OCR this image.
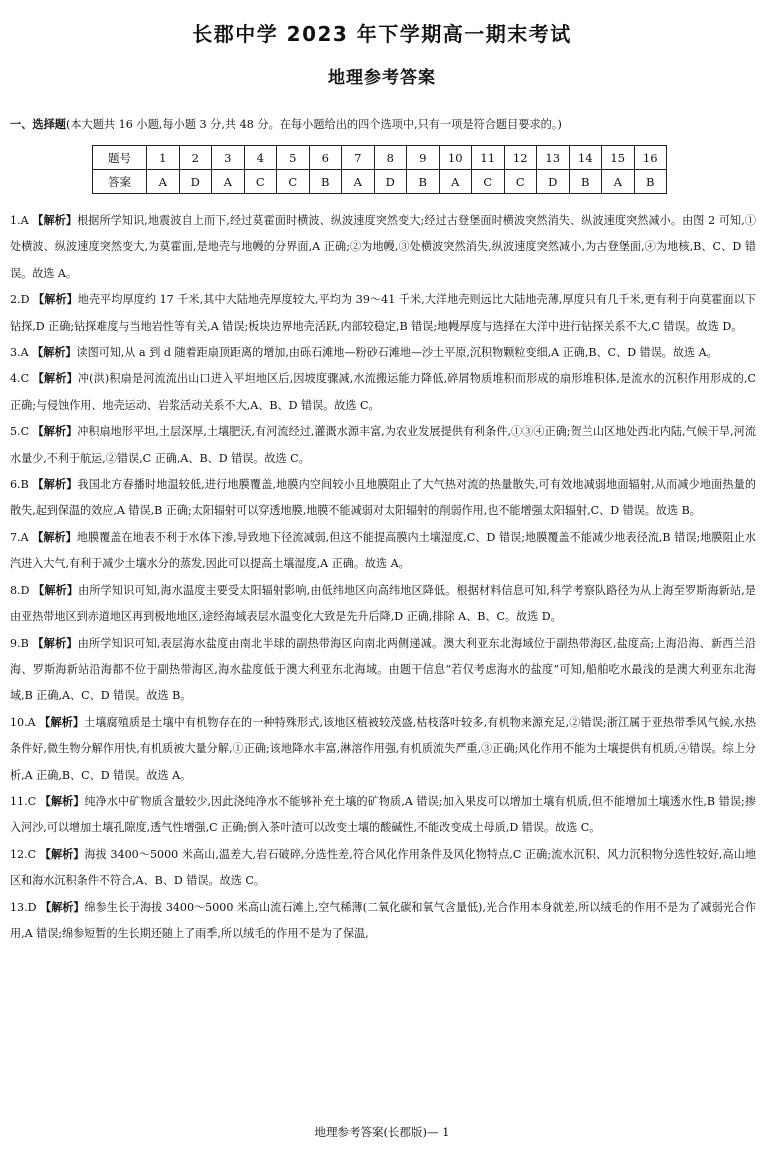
长郡中学 2023 年下学期高一期末考试
地理参考答案
一、选择题(本大题共 16 小题,每小题 3 分,共 48 分。在每小题给出的四个选项中,只有一项是符合题目要求的。)
题号	1	2	3	4	5	6	7	8	9	10	11	12	13	14	15	16
答案	A	D	A	C	C	B	A	D	B	A	C	C	D	B	A	B
1.A 【解析】根据所学知识,地震波自上而下,经过莫霍面时横波、纵波速度突然变大;经过古登堡面时横波突然消失、纵波速度突然减小。由图 2 可知,①处横波、纵波速度突然变大,为莫霍面,是地壳与地幔的分界面,A 正确;②为地幔,③处横波突然消失,纵波速度突然减小,为古登堡面,④为地核,B、C、D 错误。故选 A。
2.D 【解析】地壳平均厚度约 17 千米,其中大陆地壳厚度较大,平均为 39～41 千米,大洋地壳则远比大陆地壳薄,厚度只有几千米,更有利于向莫霍面以下钻探,D 正确;钻探难度与当地岩性等有关,A 错误;板块边界地壳活跃,内部较稳定,B 错误;地幔厚度与选择在大洋中进行钻探关系不大,C 错误。故选 D。
3.A 【解析】读图可知,从 a 到 d 随着距扇顶距离的增加,由砾石滩地—粉砂石滩地—沙土平原,沉积物颗粒变细,A 正确,B、C、D 错误。故选 A。
4.C 【解析】冲(洪)积扇是河流流出山口进入平坦地区后,因坡度骤减,水流搬运能力降低,碎屑物质堆积而形成的扇形堆积体,是流水的沉积作用形成的,C 正确;与侵蚀作用、地壳运动、岩浆活动关系不大,A、B、D 错误。故选 C。
5.C 【解析】冲积扇地形平坦,土层深厚,土壤肥沃,有河流经过,灌溉水源丰富,为农业发展提供有利条件,①③④正确;贺兰山区地处西北内陆,气候干旱,河流水量少,不利于航运,②错误,C 正确,A、B、D 错误。故选 C。
6.B 【解析】我国北方春播时地温较低,进行地膜覆盖,地膜内空间较小且地膜阻止了大气热对流的热量散失,可有效地减弱地面辐射,从而减少地面热量的散失,起到保温的效应,A 错误,B 正确;太阳辐射可以穿透地膜,地膜不能减弱对太阳辐射的削弱作用,也不能增强太阳辐射,C、D 错误。故选 B。
7.A 【解析】地膜覆盖在地表不利于水体下渗,导致地下径流减弱,但这不能提高膜内土壤湿度,C、D 错误;地膜覆盖不能减少地表径流,B 错误;地膜阻止水汽进入大气,有利于减少土壤水分的蒸发,因此可以提高土壤湿度,A 正确。故选 A。
8.D 【解析】由所学知识可知,海水温度主要受太阳辐射影响,由低纬地区向高纬地区降低。根据材料信息可知,科学考察队路径为从上海至罗斯海新站,是由亚热带地区到赤道地区再到极地地区,途经海域表层水温变化大致是先升后降,D 正确,排除 A、B、C。故选 D。
9.B 【解析】由所学知识可知,表层海水盐度由南北半球的副热带海区向南北两侧递减。澳大利亚东北海域位于副热带海区,盐度高;上海沿海、新西兰沿海、罗斯海新站沿海都不位于副热带海区,海水盐度低于澳大利亚东北海域。由题干信息“若仅考虑海水的盐度”可知,船舶吃水最浅的是澳大利亚东北海域,B 正确,A、C、D 错误。故选 B。
10.A 【解析】土壤腐殖质是土壤中有机物存在的一种特殊形式,该地区植被较茂盛,枯枝落叶较多,有机物来源充足,②错误;浙江属于亚热带季风气候,水热条件好,微生物分解作用快,有机质被大量分解,①正确;该地降水丰富,淋溶作用强,有机质流失严重,③正确;风化作用不能为土壤提供有机质,④错误。综上分析,A 正确,B、C、D 错误。故选 A。
11.C 【解析】纯净水中矿物质含量较少,因此浇纯净水不能够补充土壤的矿物质,A 错误;加入果皮可以增加土壤有机质,但不能增加土壤透水性,B 错误;掺入河沙,可以增加土壤孔隙度,透气性增强,C 正确;倒入茶叶渣可以改变土壤的酸碱性,不能改变成土母质,D 错误。故选 C。
12.C 【解析】海拔 3400～5000 米高山,温差大,岩石破碎,分选性差,符合风化作用条件及风化物特点,C 正确;流水沉积、风力沉积物分选性较好,高山地区和海水沉积条件不符合,A、B、D 错误。故选 C。
13.D 【解析】绵参生长于海拔 3400～5000 米高山流石滩上,空气稀薄(二氧化碳和氧气含量低),光合作用本身就差,所以绒毛的作用不是为了减弱光合作用,A 错误;绵参短暂的生长期还随上了雨季,所以绒毛的作用不是为了保温,
地理参考答案(长郡版)— 1
